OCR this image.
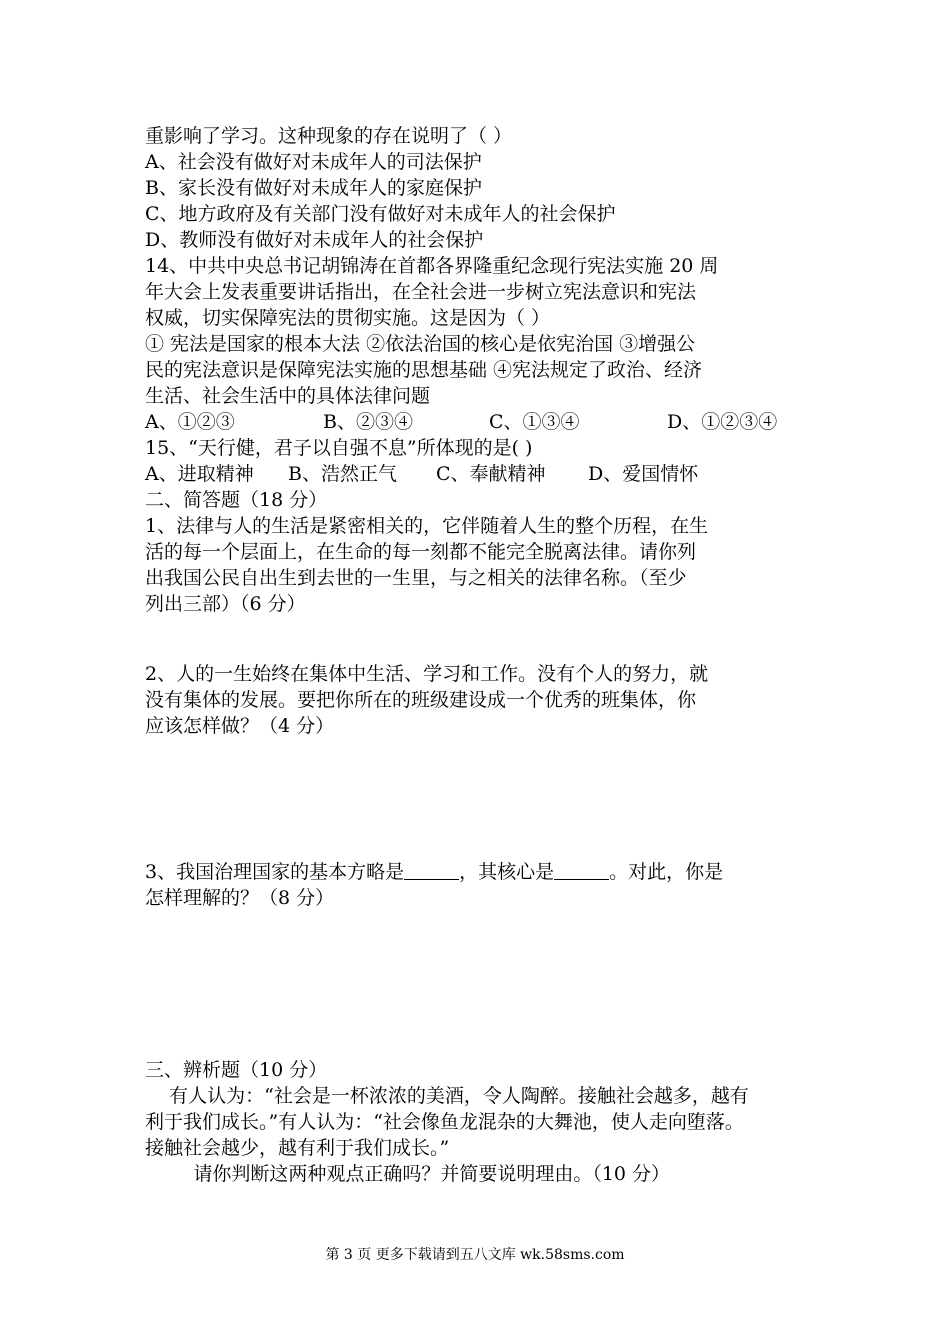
重影响了学习。这种现象的存在说明了（ ）
A、社会没有做好对未成年人的司法保护
B、家长没有做好对未成年人的家庭保护
C、地方政府及有关部门没有做好对未成年人的社会保护
D、教师没有做好对未成年人的社会保护
14、中共中央总书记胡锦涛在首都各界隆重纪念现行宪法实施 20 周
年大会上发表重要讲话指出，在全社会进一步树立宪法意识和宪法
权威，切实保障宪法的贯彻实施。这是因为（ ）
① 宪法是国家的根本大法 ②依法治国的核心是依宪治国 ③增强公
民的宪法意识是保障宪法实施的思想基础 ④宪法规定了政治、经济
生活、社会生活中的具体法律问题
A、①②③	B、②③④	C、①③④	D、①②③④
15、“天行健，君子以自强不息”所体现的是( )
A、进取精神 B、浩然正气 C、奉献精神 D、爱国情怀
二、简答题（18 分）
1、法律与人的生活是紧密相关的，它伴随着人生的整个历程，在生
活的每一个层面上，在生命的每一刻都不能完全脱离法律。请你列
出我国公民自出生到去世的一生里，与之相关的法律名称。（至少
列出三部）（6 分）
2、人的一生始终在集体中生活、学习和工作。没有个人的努力，就
没有集体的发展。要把你所在的班级建设成一个优秀的班集体，你
应该怎样做？（4 分）
3、我国治理国家的基本方略是	，其核心是	。对此，你是
怎样理解的？（8 分）
三、辨析题（10 分）
有人认为：“社会是一杯浓浓的美酒，令人陶醉。接触社会越多，越有
利于我们成长。”有人认为：“社会像鱼龙混杂的大舞池，使人走向堕落。
接触社会越少，越有利于我们成长。”
请你判断这两种观点正确吗？并简要说明理由。（10 分）
第 3 页 更多下载请到五八文库 wk.58sms.com
